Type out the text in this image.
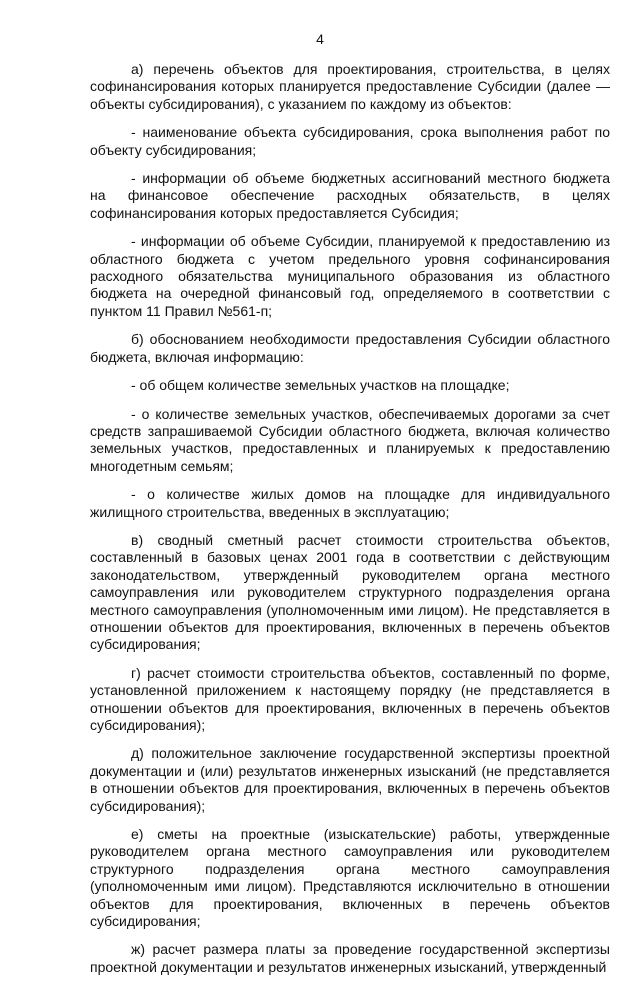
4

а) перечень объектов для проектирования, строительства, в целях софинансирования которых планируется предоставление Субсидии (далее — объекты субсидирования), с указанием по каждому из объектов:

- наименование объекта субсидирования, срока выполнения работ по объекту субсидирования;

- информации об объеме бюджетных ассигнований местного бюджета на финансовое обеспечение расходных обязательств, в целях софинансирования которых предоставляется Субсидия;

- информации об объеме Субсидии, планируемой к предоставлению из областного бюджета с учетом предельного уровня софинансирования расходного обязательства муниципального образования из областного бюджета на очередной финансовый год, определяемого в соответствии с пунктом 11 Правил №561-п;

б) обоснованием необходимости предоставления Субсидии областного бюджета, включая информацию:

- об общем количестве земельных участков на площадке;

- о количестве земельных участков, обеспечиваемых дорогами за счет средств запрашиваемой Субсидии областного бюджета, включая количество земельных участков, предоставленных и планируемых к предоставлению многодетным семьям;

- о количестве жилых домов на площадке для индивидуального жилищного строительства, введенных в эксплуатацию;

в) сводный сметный расчет стоимости строительства объектов, составленный в базовых ценах 2001 года в соответствии с действующим законодательством, утвержденный руководителем органа местного самоуправления или руководителем структурного подразделения органа местного самоуправления (уполномоченным ими лицом). Не представляется в отношении объектов для проектирования, включенных в перечень объектов субсидирования;

г) расчет стоимости строительства объектов, составленный по форме, установленной приложением к настоящему порядку (не представляется в отношении объектов для проектирования, включенных в перечень объектов субсидирования);

д) положительное заключение государственной экспертизы проектной документации и (или) результатов инженерных изысканий (не представляется в отношении объектов для проектирования, включенных в перечень объектов субсидирования);

е) сметы на проектные (изыскательские) работы, утвержденные руководителем органа местного самоуправления или руководителем структурного подразделения органа местного самоуправления (уполномоченным ими лицом). Представляются исключительно в отношении объектов для проектирования, включенных в перечень объектов субсидирования;

ж) расчет размера платы за проведение государственной экспертизы проектной документации и результатов инженерных изысканий, утвержденный
